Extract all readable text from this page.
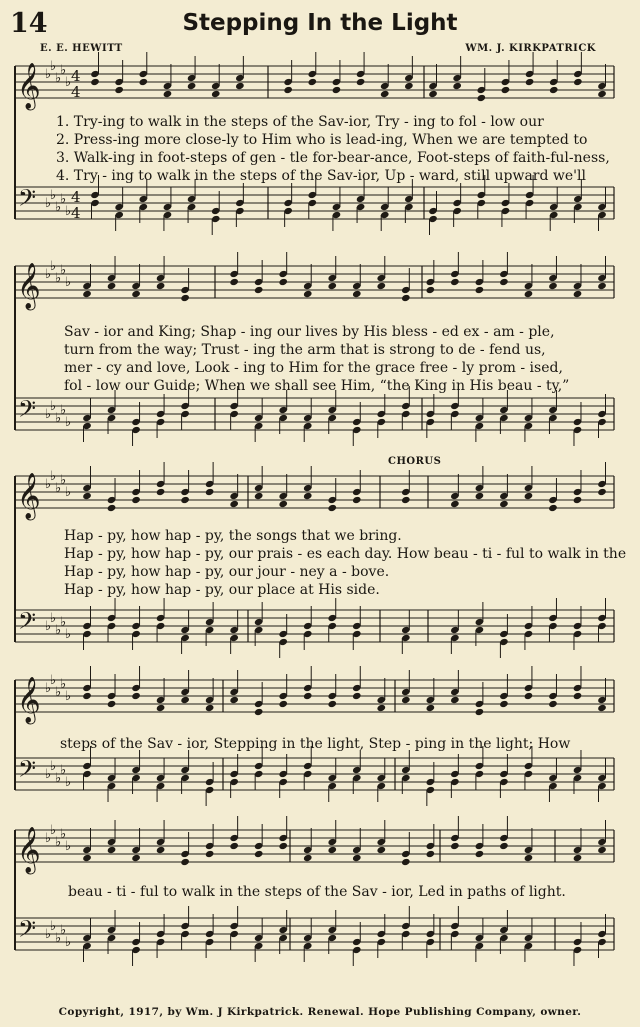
14	Stepping In the Light
E. E. HEWITT	WM. J. KIRKPATRICK
𝄞 ♭
♭
♭
♭
♭ 4
4
𝄢 ♭
♭
♭
♭
♭
4
4
𝄞 ♭
♭
♭
♭
♭
𝄢 ♭
♭
♭
♭
♭
𝄞 ♭
♭
♭
♭
♭
𝄢 ♭
♭
♭
♭
♭
𝄞 ♭
♭
♭
♭
♭
𝄢 ♭
♭
♭
♭
♭
𝄞 ♭
♭
♭
♭
♭
𝄢 ♭
♭
♭
♭
♭
1. Try-ing to walk in the steps of the Sav-ior, Try - ing to fol - low our
2. Press-ing more close-ly to Him who is lead-ing, When we are tempted to
3. Walk-ing in foot-steps of gen - tle for-bear-ance, Foot-steps of faith-ful-ness,
4. Try - ing to walk in the steps of the Sav-ior, Up - ward, still upward we'll
Sav - ior and King; Shap - ing our lives by His bless - ed ex - am - ple,
turn from the way; Trust - ing the arm that is strong to de - fend us,
mer - cy and love, Look - ing to Him for the grace free - ly prom - ised,
fol - low our Guide; When we shall see Him, “the King in His beau - ty,”
CHORUS
Hap - py, how hap - py, the songs that we bring.
Hap - py, how hap - py, our prais - es each day. How beau - ti - ful to walk in the
Hap - py, how hap - py, our jour - ney a - bove.
Hap - py, how hap - py, our place at His side.
steps of the Sav - ior, Stepping in the light, Step - ping in the light; How
beau - ti - ful to walk in the steps of the Sav - ior, Led in paths of light.
Copyright, 1917, by Wm. J Kirkpatrick. Renewal. Hope Publishing Company, owner.
